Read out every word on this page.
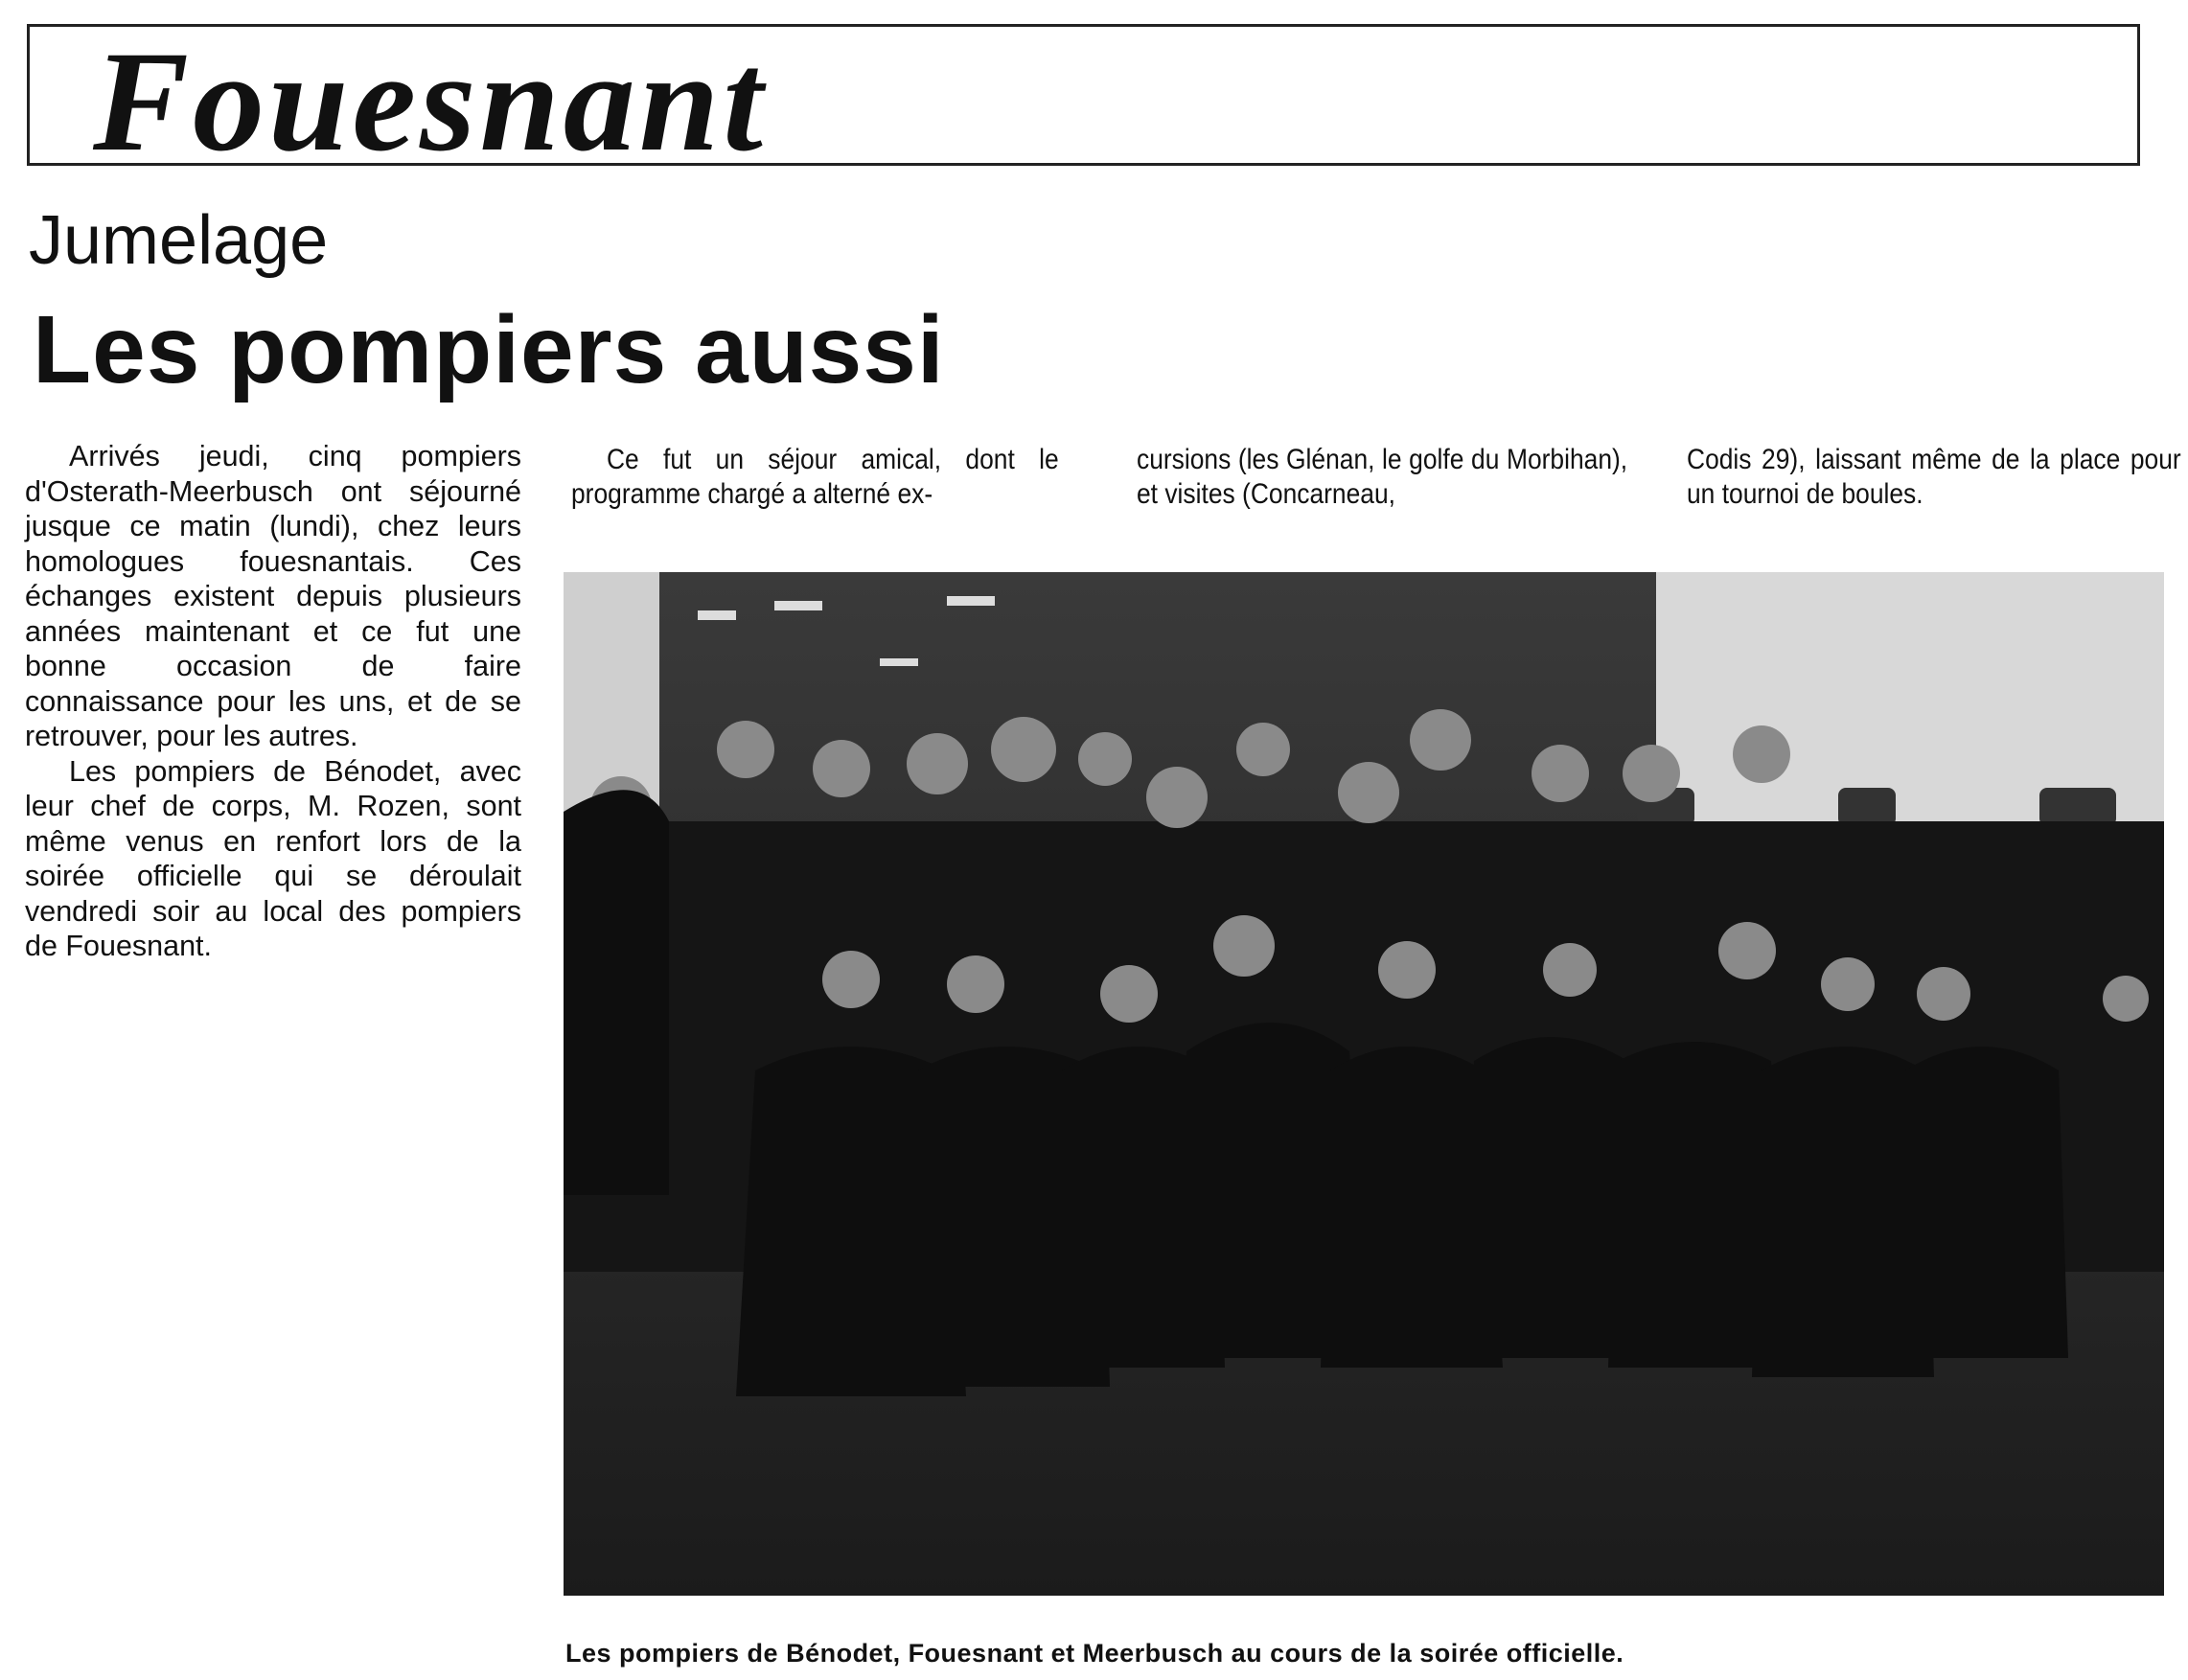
Fouesnant
Jumelage
Les pompiers aussi

Arrivés jeudi, cinq pompiers d'Osterath-Meerbusch ont séjourné jusque ce matin (lundi), chez leurs homologues fouesnantais. Ces échanges existent depuis plusieurs années maintenant et ce fut une bonne occasion de faire connaissance pour les uns, et de se retrouver, pour les autres.

Les pompiers de Bénodet, avec leur chef de corps, M. Rozen, sont même venus en renfort lors de la soirée officielle qui se déroulait vendredi soir au local des pompiers de Fouesnant.

Ce fut un séjour amical, dont le programme chargé a alterné ex-
cursions (les Glénan, le golfe du Morbihan), et visites (Concarneau,
Codis 29), laissant même de la place pour un tournoi de boules.
Les pompiers de Bénodet, Fouesnant et Meerbusch au cours de la soirée officielle.
